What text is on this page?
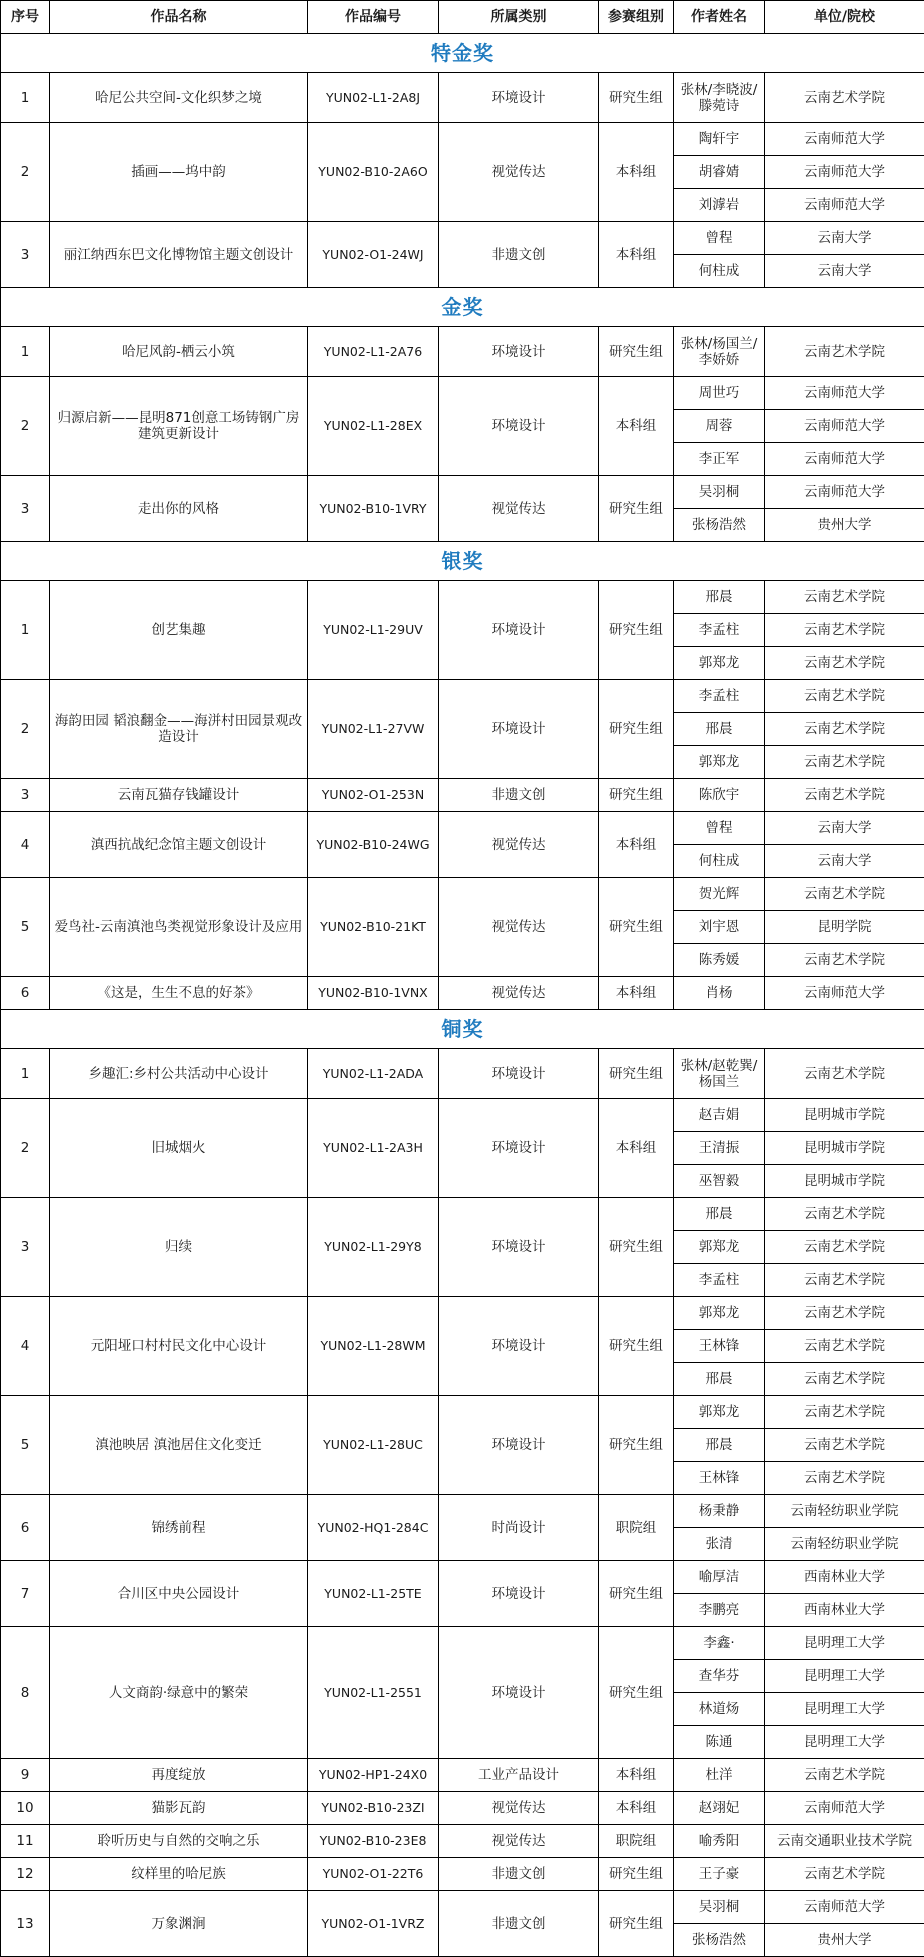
序号	作品名称	作品编号	所属类别	参赛组别	作者姓名	单位/院校
特金奖						
1	哈尼公共空间-文化织梦之境	YUN02-L1-2A8J	环境设计	研究生组	张林/李晓波/滕菀诗	云南艺术学院
2	插画——坞中韵	YUN02-B10-2A6O	视觉传达	本科组	陶轩宇	云南师范大学
					胡睿婧	云南师范大学
					刘滹岩	云南师范大学
3	丽江纳西东巴文化博物馆主题文创设计	YUN02-O1-24WJ	非遗文创	本科组	曾程	云南大学
					何柱成	云南大学
金奖						
1	哈尼风韵-栖云小筑	YUN02-L1-2A76	环境设计	研究生组	张林/杨国兰/李娇娇	云南艺术学院
2	归源启新——昆明871创意工场铸钢广房建筑更新设计	YUN02-L1-28EX	环境设计	本科组	周世巧	云南师范大学
					周蓉	云南师范大学
					李正军	云南师范大学
3	走出你的风格	YUN02-B10-1VRY	视觉传达	研究生组	吴羽桐	云南师范大学
					张杨浩然	贵州大学
银奖						
1	创艺集趣	YUN02-L1-29UV	环境设计	研究生组	邢晨	云南艺术学院
					李孟柱	云南艺术学院
					郭郑龙	云南艺术学院
2	海韵田园 韬浪翻金——海洴村田园景观改造设计	YUN02-L1-27VW	环境设计	研究生组	李孟柱	云南艺术学院
					邢晨	云南艺术学院
					郭郑龙	云南艺术学院
3	云南瓦猫存钱罐设计	YUN02-O1-253N	非遗文创	研究生组	陈欣宇	云南艺术学院
4	滇西抗战纪念馆主题文创设计	YUN02-B10-24WG	视觉传达	本科组	曾程	云南大学
					何柱成	云南大学
5	爱鸟社-云南滇池鸟类视觉形象设计及应用	YUN02-B10-21KT	视觉传达	研究生组	贺光辉	云南艺术学院
					刘宇恩	昆明学院
					陈秀媛	云南艺术学院
6	《这是，生生不息的好茶》	YUN02-B10-1VNX	视觉传达	本科组	肖杨	云南师范大学
铜奖						
1	乡趣汇:乡村公共活动中心设计	YUN02-L1-2ADA	环境设计	研究生组	张林/赵乾巽/杨国兰	云南艺术学院
2	旧城烟火	YUN02-L1-2A3H	环境设计	本科组	赵吉娟	昆明城市学院
					王清振	昆明城市学院
					巫智毅	昆明城市学院
3	归续	YUN02-L1-29Y8	环境设计	研究生组	邢晨	云南艺术学院
					郭郑龙	云南艺术学院
					李孟柱	云南艺术学院
4	元阳垭口村村民文化中心设计	YUN02-L1-28WM	环境设计	研究生组	郭郑龙	云南艺术学院
					王林锋	云南艺术学院
					邢晨	云南艺术学院
5	滇池映居 滇池居住文化变迁	YUN02-L1-28UC	环境设计	研究生组	郭郑龙	云南艺术学院
					邢晨	云南艺术学院
					王林锋	云南艺术学院
6	锦绣前程	YUN02-HQ1-284C	时尚设计	职院组	杨秉静	云南轻纺职业学院
					张清	云南轻纺职业学院
7	合川区中央公园设计	YUN02-L1-25TE	环境设计	研究生组	喻厚洁	西南林业大学
					李鹏亮	西南林业大学
8	人文商韵·绿意中的繁荣	YUN02-L1-2551	环境设计	研究生组	李鑫·	昆明理工大学
					查华芬	昆明理工大学
					林道炀	昆明理工大学
					陈通	昆明理工大学
9	再度绽放	YUN02-HP1-24X0	工业产品设计	本科组	杜洋	云南艺术学院
10	猫影瓦韵	YUN02-B10-23ZI	视觉传达	本科组	赵翊妃	云南师范大学
11	聆听历史与自然的交响之乐	YUN02-B10-23E8	视觉传达	职院组	喻秀阳	云南交通职业技术学院
12	纹样里的哈尼族	YUN02-O1-22T6	非遗文创	研究生组	王子豪	云南艺术学院
13	万象渊涧	YUN02-O1-1VRZ	非遗文创	研究生组	吴羽桐	云南师范大学
					张杨浩然	贵州大学
